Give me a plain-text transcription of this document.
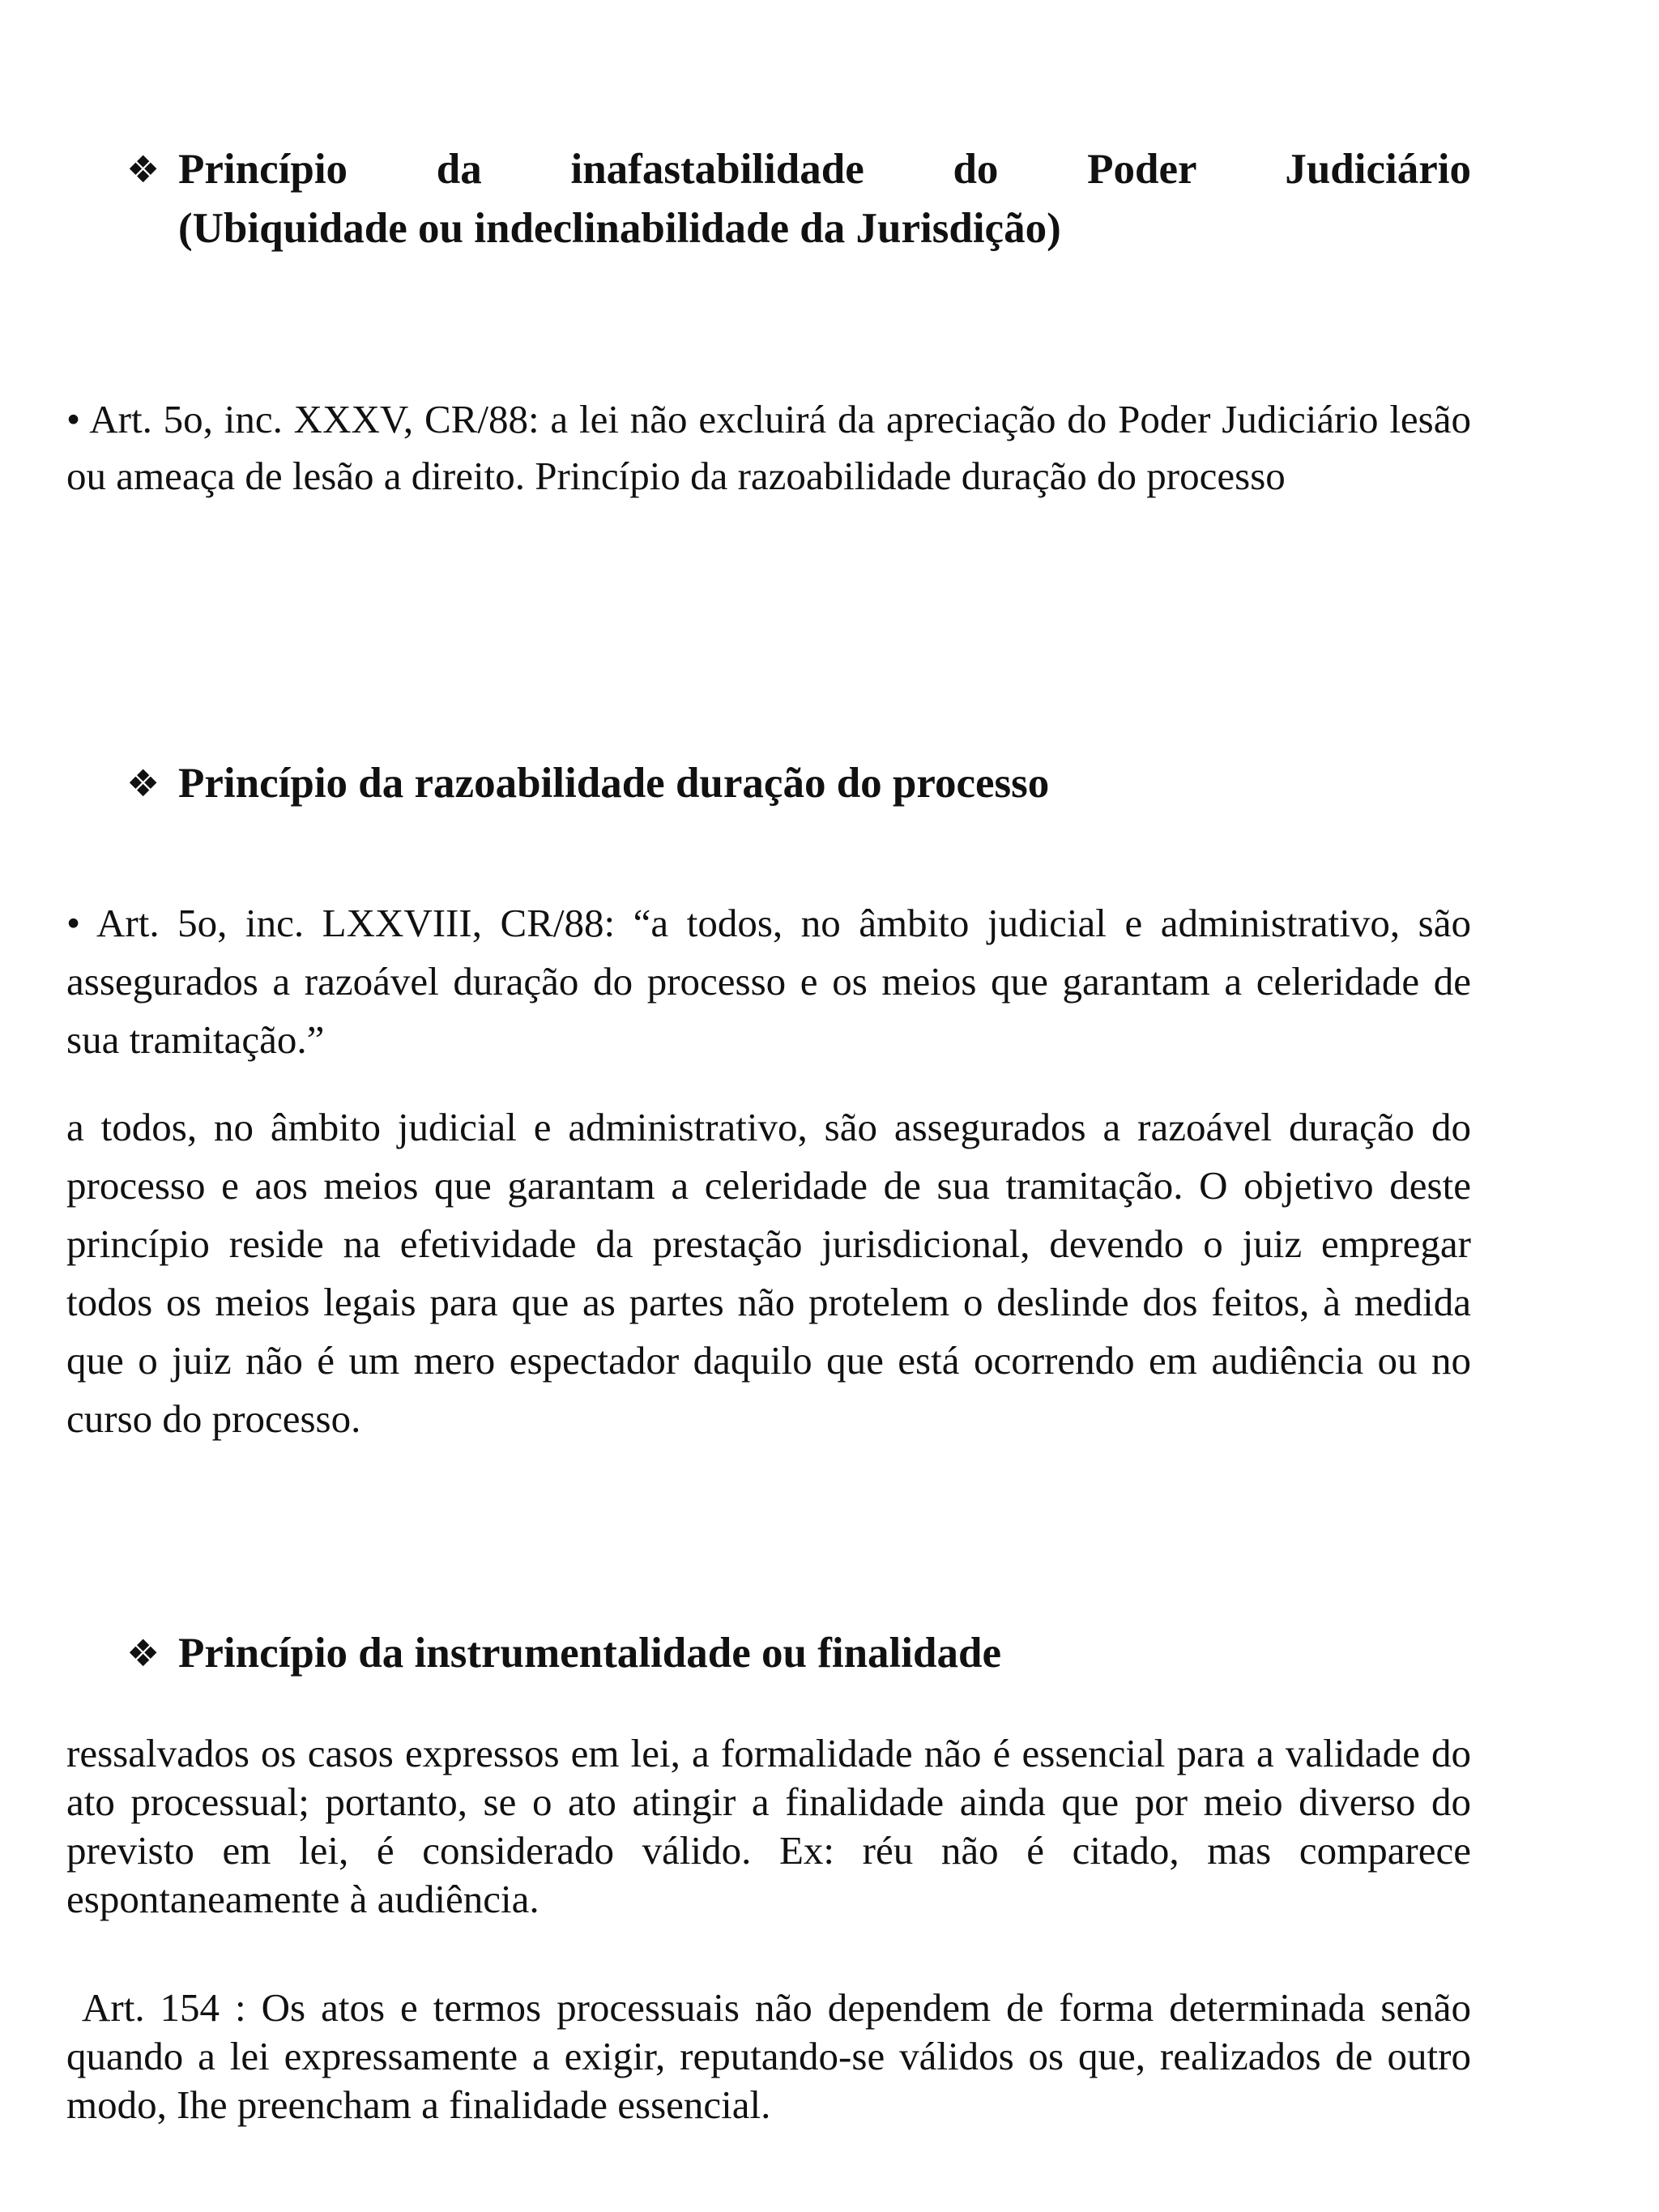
❖ Princípio da inafastabilidade do Poder Judiciário
(Ubiquidade ou indeclinabilidade da Jurisdição)
• Art. 5o, inc. XXXV, CR/88: a lei não excluirá da apreciação do Poder Judiciário lesão ou ameaça de lesão a direito. Princípio da razoabilidade duração do processo
❖ Princípio da razoabilidade duração do processo
• Art. 5o, inc. LXXVIII, CR/88: “a todos, no âmbito judicial e administrativo, são assegurados a razoável duração do processo e os meios que garantam a celeridade de sua tramitação.”
a todos, no âmbito judicial e administrativo, são assegurados a razoável duração do processo e aos meios que garantam a celeridade de sua tramitação. O objetivo deste princípio reside na efetividade da prestação jurisdicional, devendo o juiz empregar todos os meios legais para que as partes não protelem o deslinde dos feitos, à medida que o juiz não é um mero espectador daquilo que está ocorrendo em audiência ou no curso do processo.
❖ Princípio da instrumentalidade ou finalidade
ressalvados os casos expressos em lei, a formalidade não é essencial para a validade do ato processual; portanto, se o ato atingir a finalidade ainda que por meio diverso do previsto em lei, é considerado válido. Ex: réu não é citado, mas comparece espontaneamente à audiência.
Art. 154 : Os atos e termos processuais não dependem de forma determinada senão quando a lei expressamente a exigir, reputando-se válidos os que, realizados de outro modo, Ihe preencham a finalidade essencial.
